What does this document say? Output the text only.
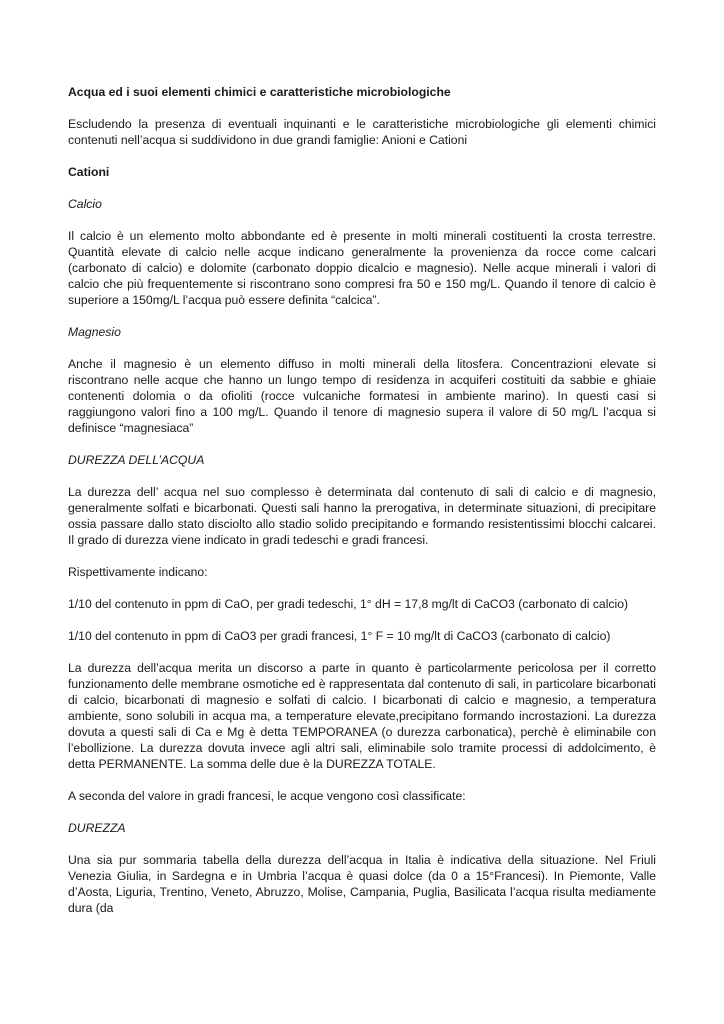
Acqua ed i suoi elementi chimici e caratteristiche microbiologiche

Escludendo la presenza di eventuali inquinanti e le caratteristiche microbiologiche gli elementi chimici contenuti nell’acqua si suddividono in due grandi famiglie: Anioni e Cationi

Cationi

Calcio

Il calcio è un elemento molto abbondante ed è presente in molti minerali costituenti la crosta terrestre. Quantità elevate di calcio nelle acque indicano generalmente la provenienza da rocce come calcari (carbonato di calcio) e dolomite (carbonato doppio dicalcio e magnesio). Nelle acque minerali i valori di calcio che più frequentemente si riscontrano sono compresi fra 50 e 150 mg/L. Quando il tenore di calcio è superiore a 150mg/L l’acqua può essere definita “calcica”.

Magnesio

Anche il magnesio è un elemento diffuso in molti minerali della litosfera. Concentrazioni elevate si riscontrano nelle acque che hanno un lungo tempo di residenza in acquiferi costituiti da sabbie e ghiaie contenenti dolomia o da ofioliti (rocce vulcaniche formatesi in ambiente marino). In questi casi si raggiungono valori fino a 100 mg/L. Quando il tenore di magnesio supera il valore di 50 mg/L l’acqua si definisce “magnesiaca”

DUREZZA DELL’ACQUA

La durezza dell’ acqua nel suo complesso è determinata dal contenuto di sali di calcio e di magnesio, generalmente solfati e bicarbonati. Questi sali hanno la prerogativa, in determinate situazioni, di precipitare ossia passare dallo stato disciolto allo stadio solido precipitando e formando resistentissimi blocchi calcarei. Il grado di durezza viene indicato in gradi tedeschi e gradi francesi.

Rispettivamente indicano:

1/10 del contenuto in ppm di CaO, per gradi tedeschi, 1° dH = 17,8 mg/lt di CaCO3 (carbonato di calcio)

1/10 del contenuto in ppm di CaO3 per gradi francesi, 1° F = 10 mg/lt di CaCO3 (carbonato di calcio)

La durezza dell’acqua merita un discorso a parte in quanto è particolarmente pericolosa per il corretto funzionamento delle membrane osmotiche ed è rappresentata dal contenuto di sali, in particolare bicarbonati di calcio, bicarbonati di magnesio e solfati di calcio. I bicarbonati di calcio e magnesio, a temperatura ambiente, sono solubili in acqua ma, a temperature elevate,precipitano formando incrostazioni. La durezza dovuta a questi sali di Ca e Mg è detta TEMPORANEA (o durezza carbonatica), perchè è eliminabile con l’ebollizione. La durezza dovuta invece agli altri sali, eliminabile solo tramite processi di addolcimento, è detta PERMANENTE. La somma delle due è la DUREZZA TOTALE.

A seconda del valore in gradi francesi, le acque vengono così classificate:

DUREZZA

Una sia pur sommaria tabella della durezza dell’acqua in Italia è indicativa della situazione. Nel Friuli Venezia Giulia, in Sardegna e in Umbria l’acqua è quasi dolce (da 0 a 15°Francesi). In Piemonte, Valle d’Aosta, Liguria, Trentino, Veneto, Abruzzo, Molise, Campania, Puglia, Basilicata l’acqua risulta mediamente dura (da
